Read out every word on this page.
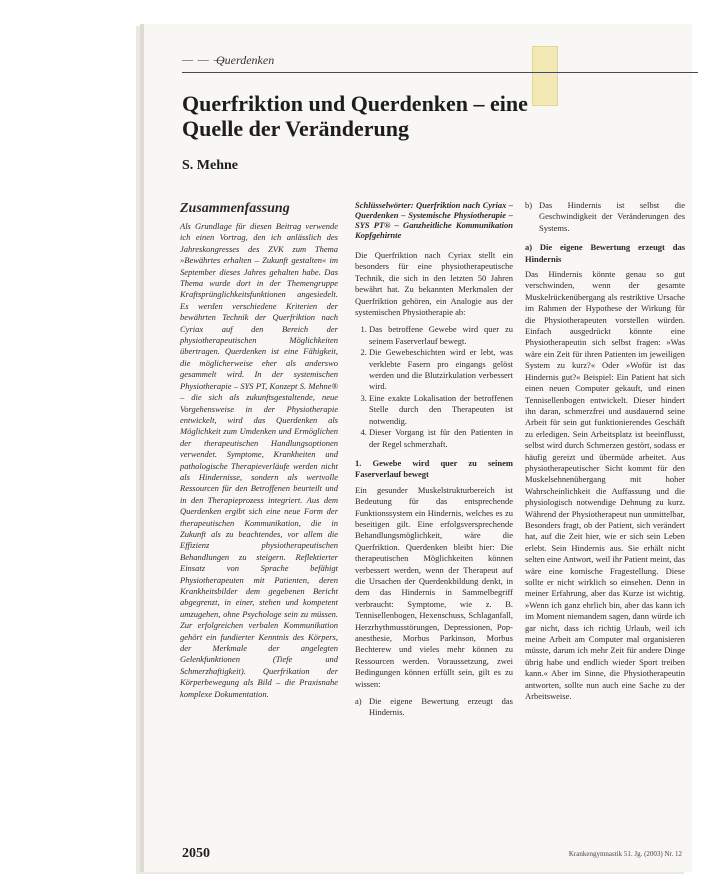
— — —
Querdenken
Querfriktion und Querdenken – eine Quelle der Veränderung
S. Mehne
Zusammenfassung

Als Grundlage für diesen Beitrag verwende ich einen Vortrag, den ich anlässlich des Jahreskongresses des ZVK zum Thema »Bewährtes erhalten – Zukunft gestalten« im September dieses Jahres gehalten habe. Das Thema wurde dort in der Themengruppe Kraftsprünglichkeitsfunktionen angesiedelt. Es werden verschiedene Kriterien der bewährten Technik der Querfriktion nach Cyriax auf den Bereich der physiotherapeutischen Möglichkeiten übertragen. Querdenken ist eine Fähigkeit, die möglicherweise eher als anderswo gesammelt wird. In der systemischen Physiotherapie – SYS PT, Konzept S. Mehne® – die sich als zukunftsgestaltende, neue Vorgehensweise in der Physiotherapie entwickelt, wird das Querdenken als Möglichkeit zum Umdenken und Ermöglichen der therapeutischen Handlungsoptionen verwendet. Symptome, Krankheiten und pathologische Therapieverläufe werden nicht als Hindernisse, sondern als wertvolle Ressourcen für den Betroffenen beurteilt und in den Therapieprozess integriert. Aus dem Querdenken ergibt sich eine neue Form der therapeutischen Kommunikation, die in Zukunft als zu beachtendes, vor allem die Effizienz physiotherapeutischen Behandlungen zu steigern. Reflektierter Einsatz von Sprache befähigt Physiotherapeuten mit Patienten, deren Krankheitsbilder dem gegebenen Bericht abgegrenzt, in einer, stehen und kompetent umzugehen, ohne Psychologe sein zu müssen. Zur erfolgreichen verbalen Kommunikation gehört ein fundierter Kenntnis des Körpers, der Merkmale der angelegten Gelenkfunktionen (Tiefe und Schmerzhaftigkeit). Querfrikation der Körperbewegung als Bild – die Praxisnahe komplexe Dokumentation.

Schlüsselwörter: Querfriktion nach Cyriax – Querdenken – Systemische Physiotherapie – SYS PT® – Ganzheitliche Kommunikation Kopfgehirnte

Die Querfriktion nach Cyriax stellt ein besonders für eine physiotherapeutische Technik, die sich in den letzten 50 Jahren bewährt hat. Zu bekannten Merkmalen der Querfriktion gehören, ein Analogie aus der systemischen Physiotherapie ab:

1. Das betroffene Gewebe wird quer zu seinem Faserverlauf bewegt.
2. Die Gewebeschichten wird er lebt, was verklebte Fasern pro eingangs gelöst werden und die Blutzirkulation verbessert wird.
3. Eine exakte Lokalisation der betroffenen Stelle durch den Therapeuten ist notwendig.
4. Dieser Vorgang ist für den Patienten in der Regel schmerzhaft.
1. Gewebe wird quer zu seinem Faserverlauf bewegt

Ein gesunder Muskelstrukturbereich ist Bedeutung für das entsprechende Funktionssystem ein Hindernis, welches es zu beseitigen gilt. Eine erfolgsversprechende Behandlungsmöglichkeit, wäre die Querfriktion. Querdenken bleibt hier: Die therapeutischen Möglichkeiten können verbessert werden, wenn der Therapeut auf die Ursachen der Querdenkbildung denkt, in dem das Hindernis in Sammelbegriff verbraucht: Symptome, wie z. B. Tennisellenbogen, Hexenschuss, Schlaganfall, Herzrhythmusstörungen, Depressionen, Pop-anesthesie, Morbus Parkinson, Morbus Bechterew und vieles mehr können zu Ressourcen werden. Voraussetzung, zwei Bedingungen können erfüllt sein, gilt es zu wissen:

a) Die eigene Bewertung erzeugt das Hindernis.
b) Das Hindernis ist selbst die Geschwindigkeit der Veränderungen des Systems.
a) Die eigene Bewertung erzeugt das Hindernis

Das Hindernis könnte genau so gut verschwinden, wenn der gesamte Muskelrückenübergang als restriktive Ursache im Rahmen der Hypothese der Wirkung für die Physiotherapeuten vorstellen würden. Einfach ausgedrückt könnte eine Physiotherapeutin sich selbst fragen: »Was wäre ein Zeit für ihren Patienten im jeweiligen System zu kurz?« Oder »Wofür ist das Hindernis gut?« Beispiel: Ein Patient hat sich einen neuen Computer gekauft, und einen Tennisellenbogen entwickelt. Dieser hindert ihn daran, schmerzfrei und ausdauernd seine Arbeit für sein gut funktionierendes Geschäft zu erledigen. Sein Arbeitsplatz ist beeinflusst, selbst wird durch Schmerzen gestört, sodass er häufig gereizt und übermüde arbeitet. Aus physiotherapeutischer Sicht kommt für den Muskelsehnenübergang mit hoher Wahrscheinlichkeit die Auffassung und die physiologisch notwendige Dehnung zu kurz. Während der Physiotherapeut nun unmittelbar, Besonders fragt, ob der Patient, sich verändert hat, auf die Zeit hier, wie er sich sein Leben erlebt. Sein Hindernis aus. Sie erhält nicht selten eine Antwort, weil ihr Patient meint, das wäre eine komische Fragestellung. Diese sollte er nicht wirklich so einsehen. Denn in meiner Erfahrung, aber das Kurze ist wichtig. »Wenn ich ganz ehrlich bin, aber das kann ich im Moment niemandem sagen, dann würde ich gar nicht, dass ich richtig Urlaub, weil ich meine Arbeit am Computer mal organisieren müsste, darum ich mehr Zeit für andere Dinge übrig habe und endlich wieder Sport treiben kann.« Aber im Sinne, die Physiotherapeutin antworten, sollte nun auch eine Sache zu der Arbeitsweise.

2050	Krankengymnastik 51. Jg. (2003) Nr. 12
